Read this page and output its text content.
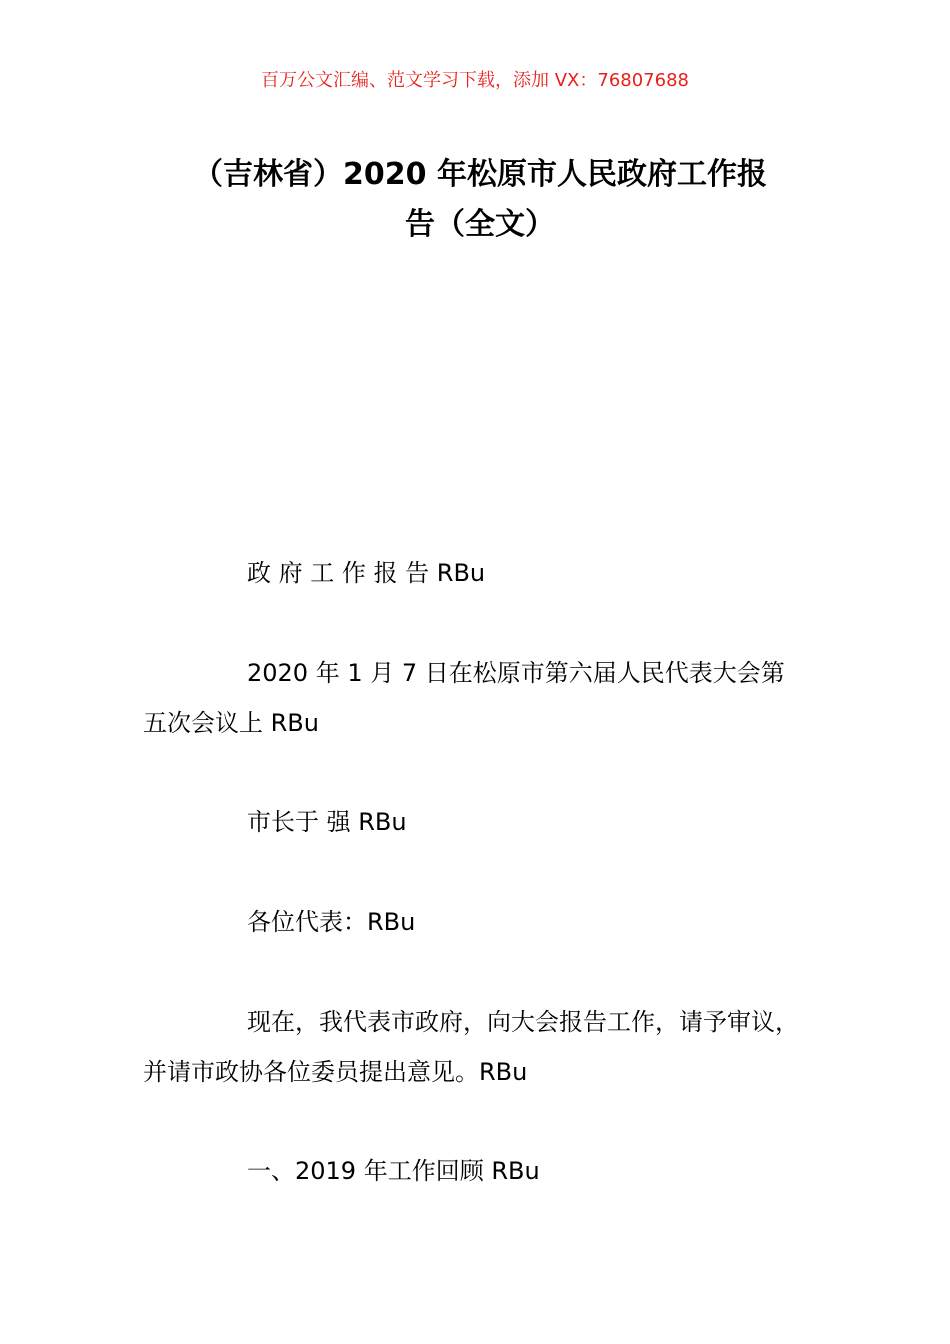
百万公文汇编、范文学习下载，添加 VX：76807688
（吉林省）2020 年松原市人民政府工作报
告（全文）

政 府 工 作 报 告 RBu

2020 年 1 月 7 日在松原市第六届人民代表大会第五次会议上 RBu

市长于 强 RBu

各位代表：RBu

现在，我代表市政府，向大会报告工作，请予审议，并请市政协各位委员提出意见。RBu

一、2019 年工作回顾 RBu
